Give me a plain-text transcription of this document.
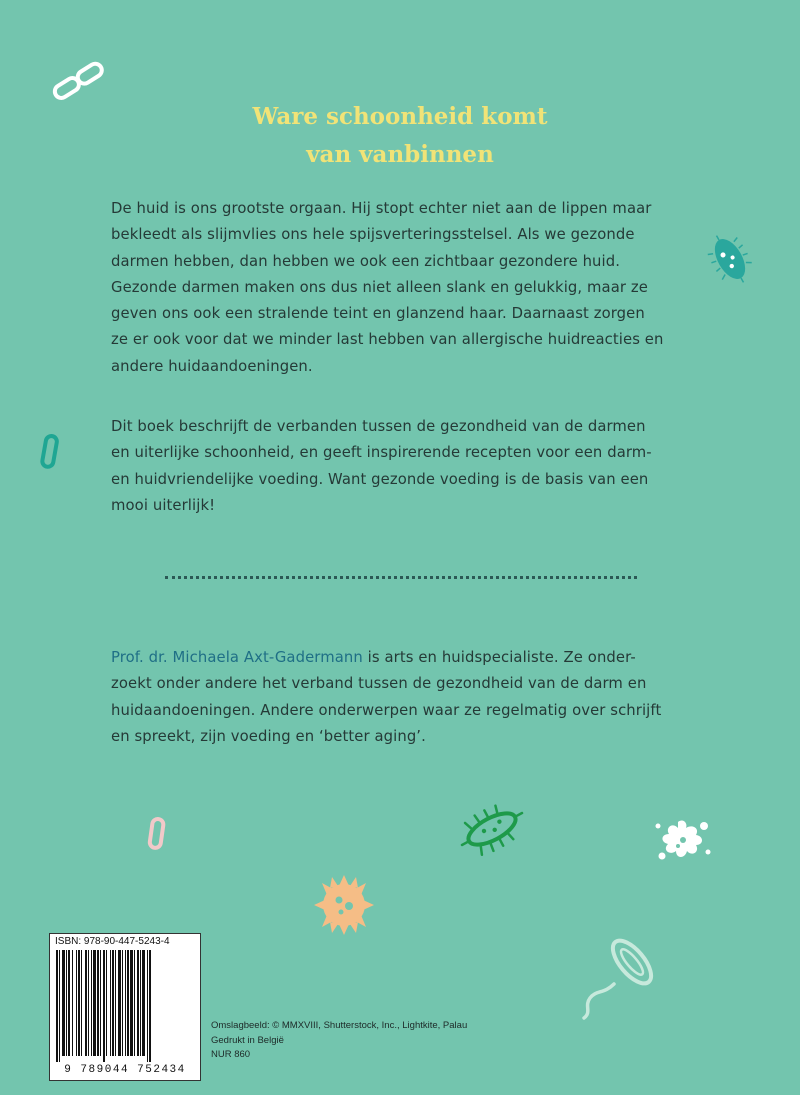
Ware schoonheid komt
van vanbinnen
De huid is ons grootste orgaan. Hij stopt echter niet aan de lippen maar
bekleedt als slijmvlies ons hele spijsverteringsstelsel. Als we gezonde
darmen hebben, dan hebben we ook een zichtbaar gezondere huid.
Gezonde darmen maken ons dus niet alleen slank en gelukkig, maar ze
geven ons ook een stralende teint en glanzend haar. Daarnaast zorgen
ze er ook voor dat we minder last hebben van allergische huidreacties en
andere huidaandoeningen.
Dit boek beschrijft de verbanden tussen de gezondheid van de darmen
en uiterlijke schoonheid, en geeft inspirerende recepten voor een darm-
en huidvriendelijke voeding. Want gezonde voeding is de basis van een
mooi uiterlijk!
Prof. dr. Michaela Axt-Gadermann is arts en huidspecialiste. Ze onder-
zoekt onder andere het verband tussen de gezondheid van de darm en
huidaandoeningen. Andere onderwerpen waar ze regelmatig over schrijft
en spreekt, zijn voeding en ‘better aging’.
ISBN: 978-90-447-5243-4
9 789044 752434
Omslagbeeld: © MMXVIII, Shutterstock, Inc., Lightkite, Palau
Gedrukt in België
NUR 860
